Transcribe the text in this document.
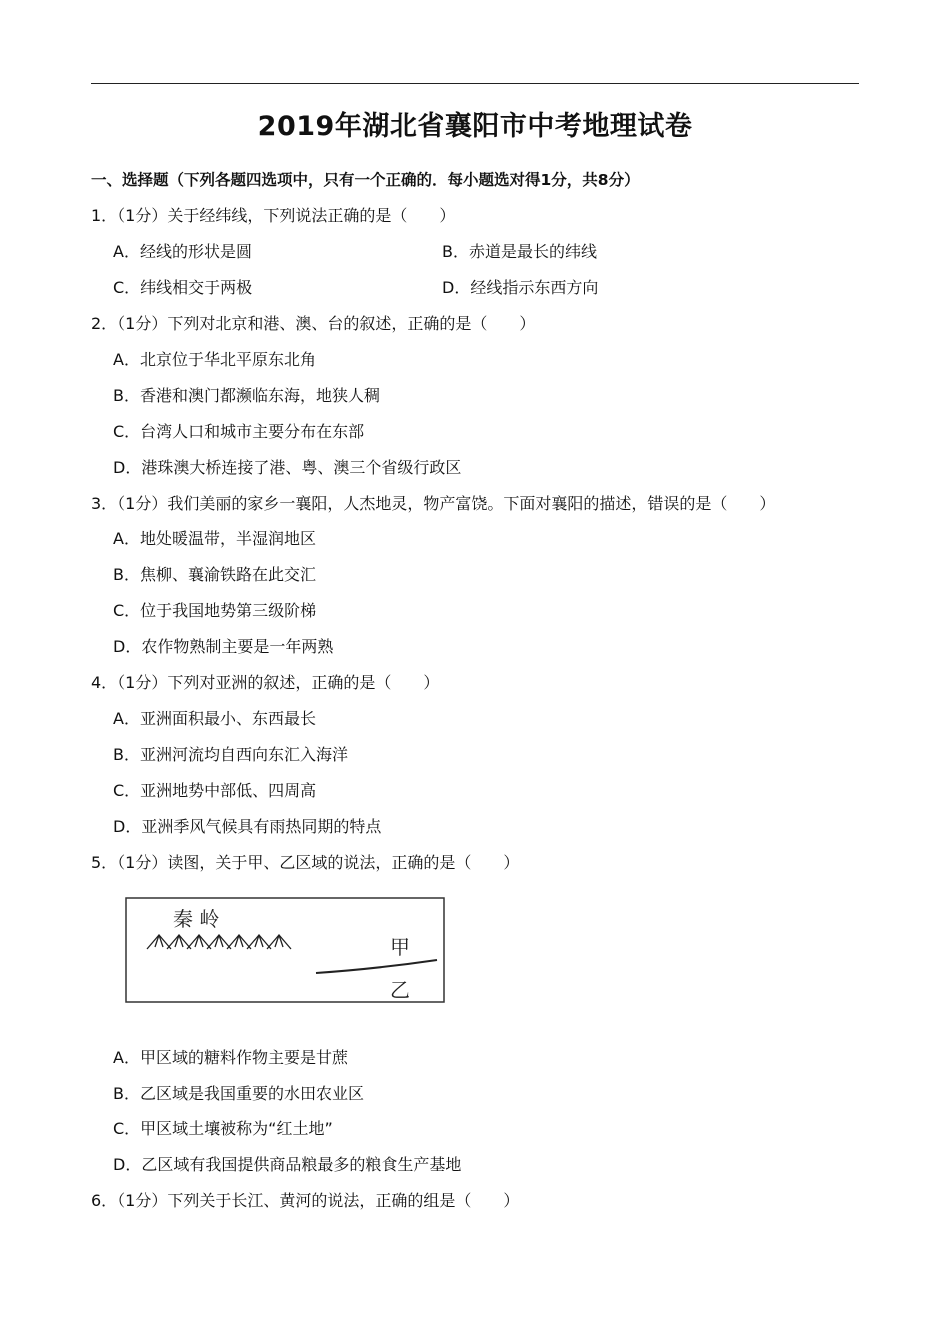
2019年湖北省襄阳市中考地理试卷
一、选择题（下列各题四选项中，只有一个正确的．每小题选对得1分，共8分）
1．（1分）关于经纬线，下列说法正确的是（　　）
A．经线的形状是圆	B．赤道是最长的纬线
C．纬线相交于两极	D．经线指示东西方向
2．（1分）下列对北京和港、澳、台的叙述，正确的是（　　）
A．北京位于华北平原东北角
B．香港和澳门都濒临东海，地狭人稠
C．台湾人口和城市主要分布在东部
D．港珠澳大桥连接了港、粤、澳三个省级行政区
3．（1分）我们美丽的家乡一襄阳，人杰地灵，物产富饶。下面对襄阳的描述，错误的是（　　）
A．地处暖温带，半湿润地区
B．焦柳、襄渝铁路在此交汇
C．位于我国地势第三级阶梯
D．农作物熟制主要是一年两熟
4．（1分）下列对亚洲的叙述，正确的是（　　）
A．亚洲面积最小、东西最长
B．亚洲河流均自西向东汇入海洋
C．亚洲地势中部低、四周高
D．亚洲季风气候具有雨热同期的特点
5．（1分）读图，关于甲、乙区域的说法，正确的是（　　）
秦 岭
甲
乙
A．甲区域的糖料作物主要是甘蔗
B．乙区域是我国重要的水田农业区
C．甲区域土壤被称为“红土地”
D．乙区域有我国提供商品粮最多的粮食生产基地
6．（1分）下列关于长江、黄河的说法，正确的组是（　　）
